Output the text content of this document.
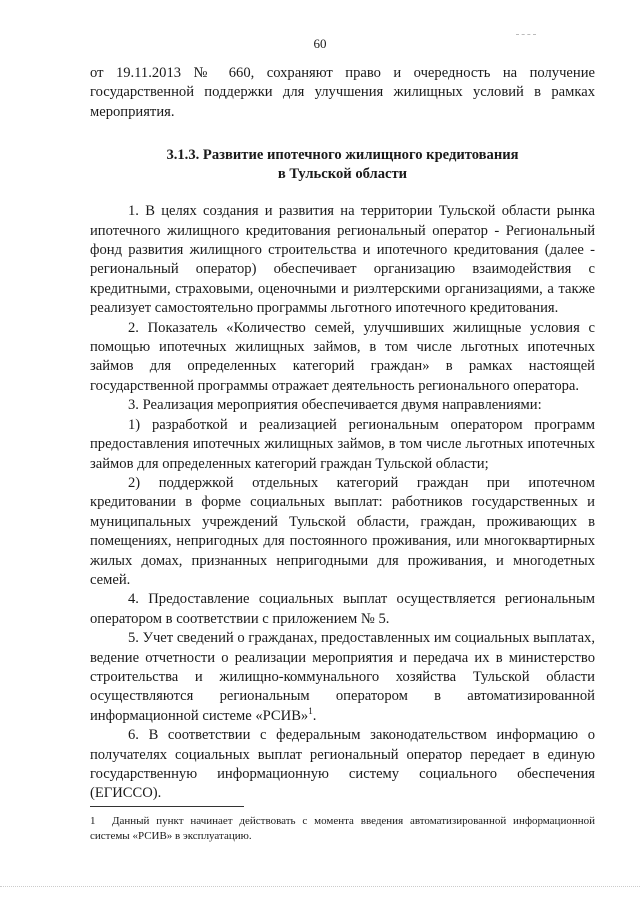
60

от 19.11.2013 № 660, сохраняют право и очередность на получение государственной поддержки для улучшения жилищных условий в рамках мероприятия.

3.1.3. Развитие ипотечного жилищного кредитования
в Тульской области

1. В целях создания и развития на территории Тульской области рынка ипотечного жилищного кредитования региональный оператор - Региональный фонд развития жилищного строительства и ипотечного кредитования (далее - региональный оператор) обеспечивает организацию взаимодействия с кредитными, страховыми, оценочными и риэлтерскими организациями, а также реализует самостоятельно программы льготного ипотечного кредитования.

2. Показатель «Количество семей, улучшивших жилищные условия с помощью ипотечных жилищных займов, в том числе льготных ипотечных займов для определенных категорий граждан» в рамках настоящей государственной программы отражает деятельность регионального оператора.

3. Реализация мероприятия обеспечивается двумя направлениями:

1) разработкой и реализацией региональным оператором программ предоставления ипотечных жилищных займов, в том числе льготных ипотечных займов для определенных категорий граждан Тульской области;

2) поддержкой отдельных категорий граждан при ипотечном кредитовании в форме социальных выплат: работников государственных и муниципальных учреждений Тульской области, граждан, проживающих в помещениях, непригодных для постоянного проживания, или многоквартирных жилых домах, признанных непригодными для проживания, и многодетных семей.

4. Предоставление социальных выплат осуществляется региональным оператором в соответствии с приложением № 5.

5. Учет сведений о гражданах, предоставленных им социальных выплатах, ведение отчетности о реализации мероприятия и передача их в министерство строительства и жилищно-коммунального хозяйства Тульской области осуществляются региональным оператором в автоматизированной информационной системе «РСИВ»$^1$.

6. В соответствии с федеральным законодательством информацию о получателях социальных выплат региональный оператор передает в единую государственную информационную систему социального обеспечения (ЕГИССО).

1 Данный пункт начинает действовать с момента введения автоматизированной информационной системы «РСИВ» в эксплуатацию.
